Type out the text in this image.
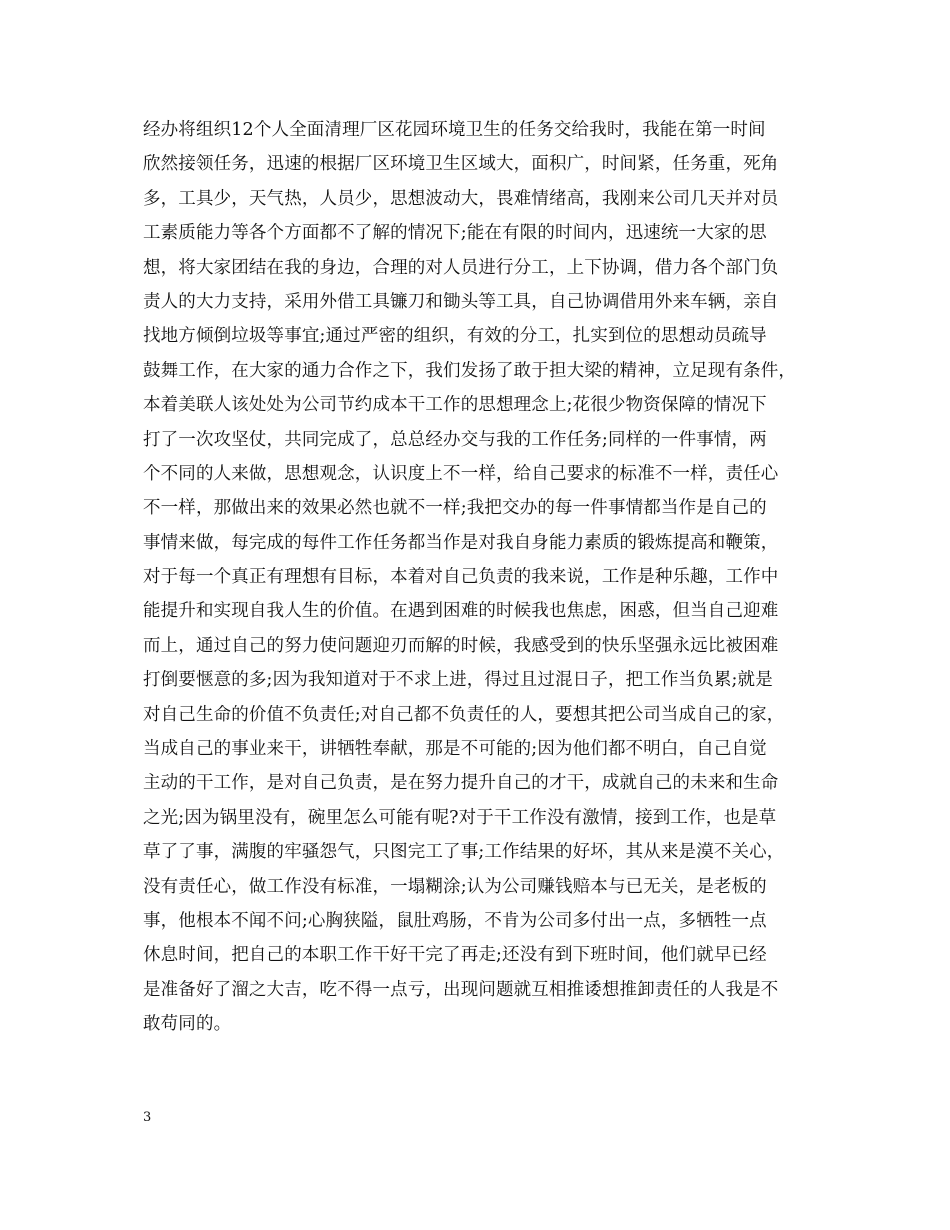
经办将组织12个人全面清理厂区花园环境卫生的任务交给我时，我能在第一时间
欣然接领任务，迅速的根据厂区环境卫生区域大，面积广，时间紧，任务重，死角
多，工具少，天气热，人员少，思想波动大，畏难情绪高，我刚来公司几天并对员
工素质能力等各个方面都不了解的情况下;能在有限的时间内，迅速统一大家的思
想，将大家团结在我的身边，合理的对人员进行分工，上下协调，借力各个部门负
责人的大力支持，采用外借工具镰刀和锄头等工具，自己协调借用外来车辆，亲自
找地方倾倒垃圾等事宜;通过严密的组织，有效的分工，扎实到位的思想动员疏导
鼓舞工作，在大家的通力合作之下，我们发扬了敢于担大梁的精神，立足现有条件，
本着美联人该处处为公司节约成本干工作的思想理念上;花很少物资保障的情况下
打了一次攻坚仗，共同完成了，总总经办交与我的工作任务;同样的一件事情，两
个不同的人来做，思想观念，认识度上不一样，给自己要求的标准不一样，责任心
不一样，那做出来的效果必然也就不一样;我把交办的每一件事情都当作是自己的
事情来做，每完成的每件工作任务都当作是对我自身能力素质的锻炼提高和鞭策，
对于每一个真正有理想有目标，本着对自己负责的我来说，工作是种乐趣，工作中
能提升和实现自我人生的价值。在遇到困难的时候我也焦虑，困惑，但当自己迎难
而上，通过自己的努力使问题迎刃而解的时候，我感受到的快乐坚强永远比被困难
打倒要惬意的多;因为我知道对于不求上进，得过且过混日子，把工作当负累;就是
对自己生命的价值不负责任;对自己都不负责任的人，要想其把公司当成自己的家，
当成自己的事业来干，讲牺牲奉献，那是不可能的;因为他们都不明白，自己自觉
主动的干工作，是对自己负责，是在努力提升自己的才干，成就自己的未来和生命
之光;因为锅里没有，碗里怎么可能有呢?对于干工作没有激情，接到工作，也是草
草了了事，满腹的牢骚怨气，只图完工了事;工作结果的好坏，其从来是漠不关心，
没有责任心，做工作没有标准，一塌糊涂;认为公司赚钱赔本与已无关，是老板的
事，他根本不闻不问;心胸狭隘，鼠肚鸡肠，不肯为公司多付出一点，多牺牲一点
休息时间，把自己的本职工作干好干完了再走;还没有到下班时间，他们就早已经
是准备好了溜之大吉，吃不得一点亏，出现问题就互相推诿想推卸责任的人我是不
敢苟同的。
3
